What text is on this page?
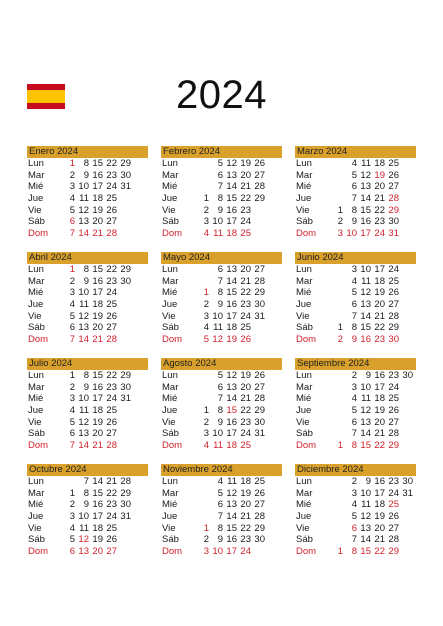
2024
Enero 2024
Lun	1 8 15 22 29
Mar	2 9 16 23 30
Mié	3 10 17 24 31
Jue	4 11 18 25
Vie	5 12 19 26
Sáb	6 13 20 27
Dom	7 14 21 28
Febrero 2024
Lun	5 12 19 26
Mar	6 13 20 27
Mié	7 14 21 28
Jue	1 8 15 22 29
Vie	2 9 16 23
Sáb	3 10 17 24
Dom	4 11 18 25
Marzo 2024
Lun	4 11 18 25
Mar	5 12 19 26
Mié	6 13 20 27
Jue	7 14 21 28
Vie	1 8 15 22 29
Sáb	2 9 16 23 30
Dom	3 10 17 24 31
Abril 2024
Lun	1 8 15 22 29
Mar	2 9 16 23 30
Mié	3 10 17 24
Jue	4 11 18 25
Vie	5 12 19 26
Sáb	6 13 20 27
Dom	7 14 21 28
Mayo 2024
Lun	6 13 20 27
Mar	7 14 21 28
Mié	1 8 15 22 29
Jue	2 9 16 23 30
Vie	3 10 17 24 31
Sáb	4 11 18 25
Dom	5 12 19 26
Junio 2024
Lun	3 10 17 24
Mar	4 11 18 25
Mié	5 12 19 26
Jue	6 13 20 27
Vie	7 14 21 28
Sáb	1 8 15 22 29
Dom	2 9 16 23 30
Julio 2024
Lun	1 8 15 22 29
Mar	2 9 16 23 30
Mié	3 10 17 24 31
Jue	4 11 18 25
Vie	5 12 19 26
Sáb	6 13 20 27
Dom	7 14 21 28
Agosto 2024
Lun	5 12 19 26
Mar	6 13 20 27
Mié	7 14 21 28
Jue	1 8 15 22 29
Vie	2 9 16 23 30
Sáb	3 10 17 24 31
Dom	4 11 18 25
Septiembre 2024
Lun	2 9 16 23 30
Mar	3 10 17 24
Mié	4 11 18 25
Jue	5 12 19 26
Vie	6 13 20 27
Sáb	7 14 21 28
Dom	1 8 15 22 29
Octubre 2024
Lun	7 14 21 28
Mar	1 8 15 22 29
Mié	2 9 16 23 30
Jue	3 10 17 24 31
Vie	4 11 18 25
Sáb	5 12 19 26
Dom	6 13 20 27
Noviembre 2024
Lun	4 11 18 25
Mar	5 12 19 26
Mié	6 13 20 27
Jue	7 14 21 28
Vie	1 8 15 22 29
Sáb	2 9 16 23 30
Dom	3 10 17 24
Diciembre 2024
Lun	2 9 16 23 30
Mar	3 10 17 24 31
Mié	4 11 18 25
Jue	5 12 19 26
Vie	6 13 20 27
Sáb	7 14 21 28
Dom	1 8 15 22 29
